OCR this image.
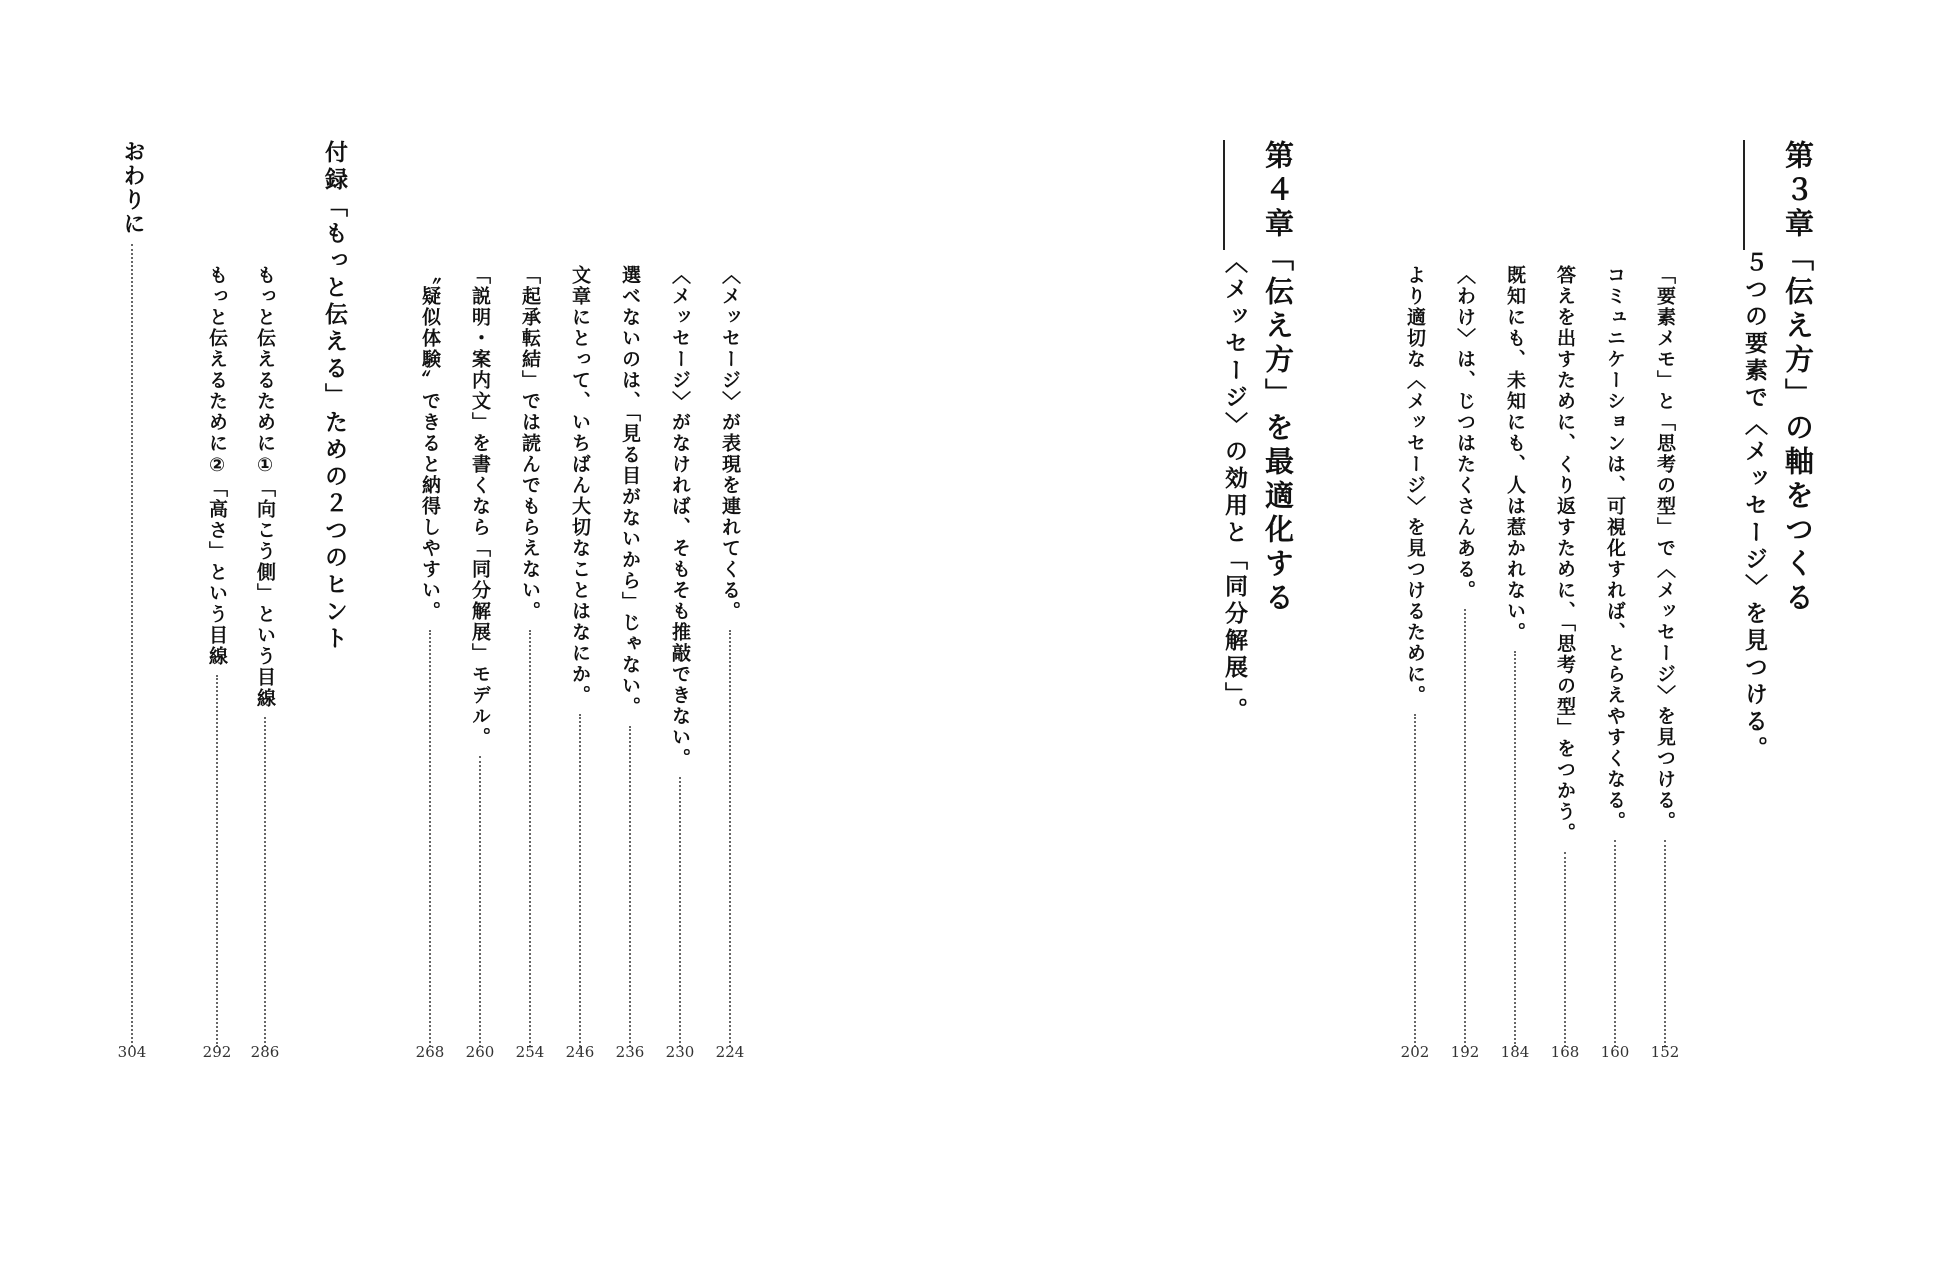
第３章「伝え方」の軸をつくる
５つの要素で〈メッセージ〉を見つける。
「要素メモ」と「思考の型」で〈メッセージ〉を見つける。
152
コミュニケーションは、可視化すれば、とらえやすくなる。
160
答えを出すために、くり返すために、「思考の型」をつかう。
168
既知にも、未知にも、人は惹かれない。
184
〈わけ〉は、じつはたくさんある。
192
より適切な〈メッセージ〉を見つけるために。
202
第４章「伝え方」を最適化する
〈メッセージ〉の効用と「同分解展」。
〈メッセージ〉が表現を連れてくる。
224
〈メッセージ〉がなければ、そもそも推敲できない。
230
選べないのは、「見る目がないから」じゃない。
236
文章にとって、いちばん大切なことはなにか。
246
「起承転結」では読んでもらえない。
254
「説明・案内文」を書くなら「同分解展」モデル。
260
〝疑似体験〟できると納得しやすい。
268
付録「もっと伝える」ための２つのヒント
もっと伝えるために①「向こう側」という目線
286
もっと伝えるために②「高さ」という目線
292
おわりに
304
